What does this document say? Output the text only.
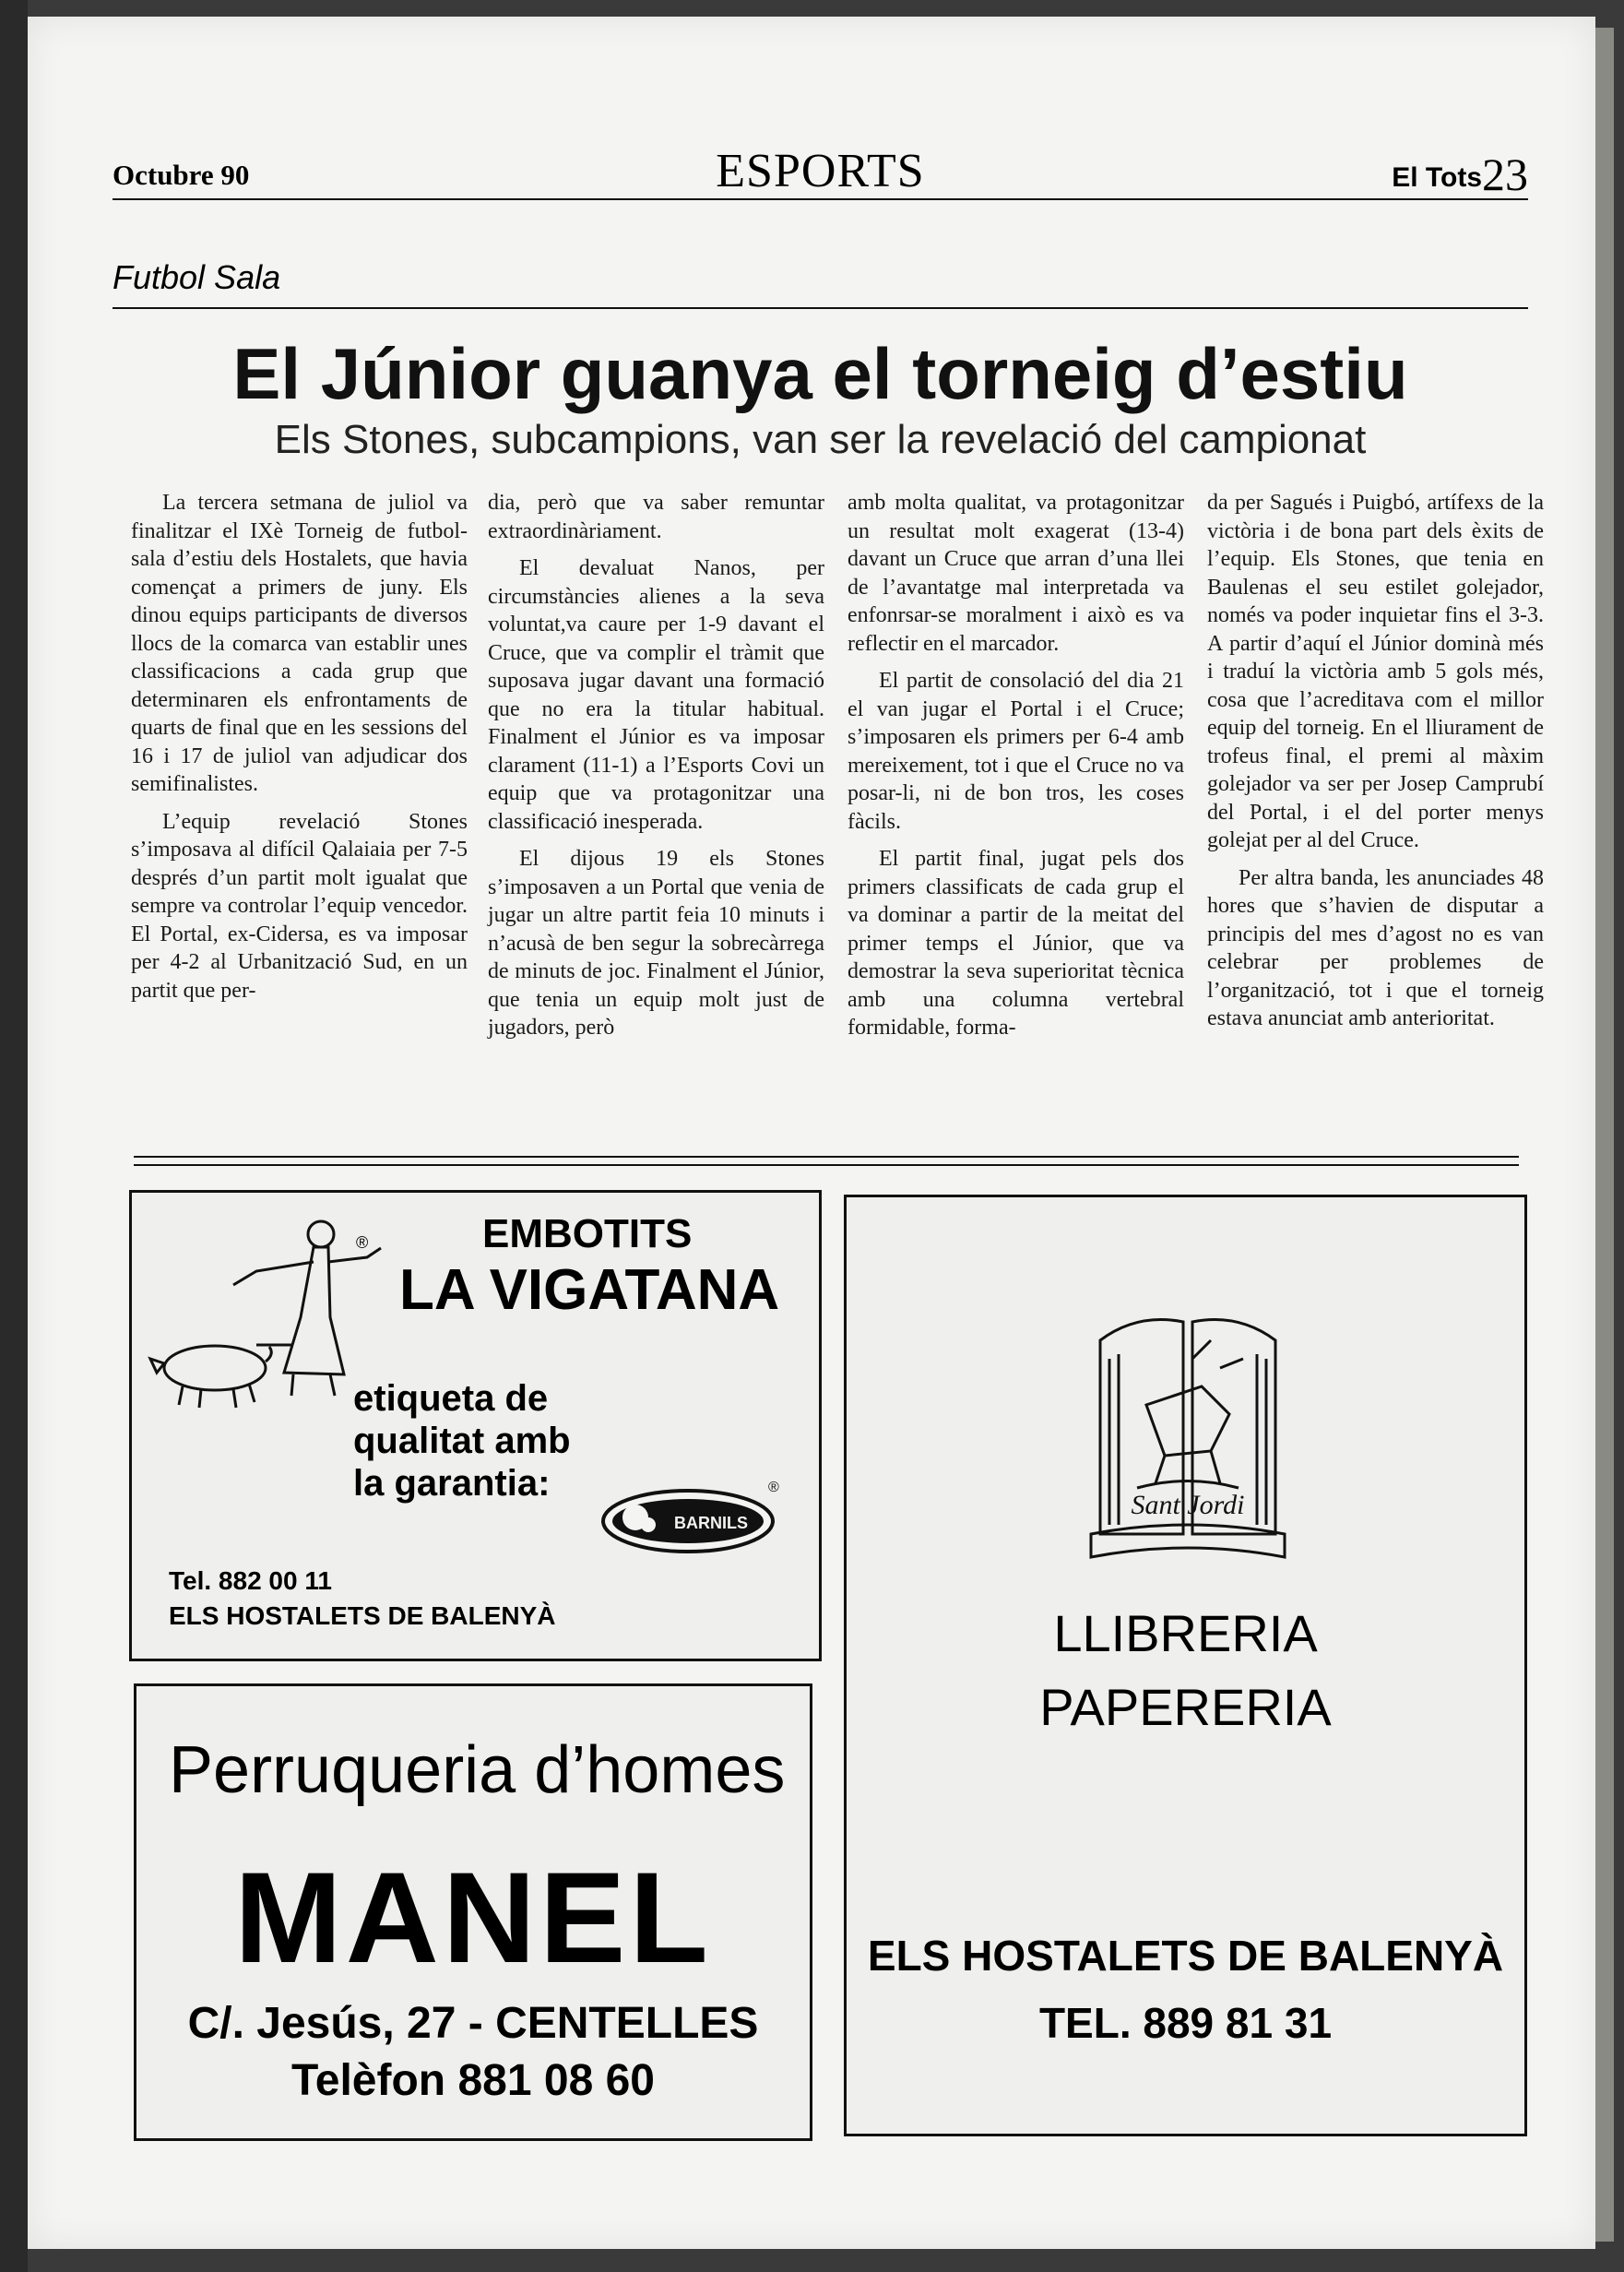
Octubre 90	ESPORTS	El Tots 23
Futbol Sala
El Júnior guanya el torneig d’estiu
Els Stones, subcampions, van ser la revelació del campionat

La tercera setmana de juliol va finalitzar el IXè Torneig de futbol-sala d’estiu dels Hostalets, que havia començat a primers de juny. Els dinou equips participants de diversos llocs de la comarca van establir unes classificacions a cada grup que determinaren els enfrontaments de quarts de final que en les sessions del 16 i 17 de juliol van adjudicar dos semifinalistes.

L’equip revelació Stones s’imposava al difícil Qalaiaia per 7-5 després d’un partit molt igualat que sempre va controlar l’equip vencedor. El Portal, ex-Cidersa, es va imposar per 4-2 al Urbanització Sud, en un partit que per-

dia, però que va saber remuntar extraordinàriament.

El devaluat Nanos, per circumstàncies alienes a la seva voluntat,va caure per 1-9 davant el Cruce, que va complir el tràmit que suposava jugar davant una formació que no era la titular habitual. Finalment el Júnior es va imposar clarament (11-1) a l’Esports Covi un equip que va protagonitzar una classificació inesperada.

El dijous 19 els Stones s’imposaven a un Portal que venia de jugar un altre partit feia 10 minuts i n’acusà de ben segur la sobrecàrrega de minuts de joc. Finalment el Júnior, que tenia un equip molt just de jugadors, però

amb molta qualitat, va protagonitzar un resultat molt exagerat (13-4) davant un Cruce que arran d’una llei de l’avantatge mal interpretada va enfonrsar-se moralment i això es va reflectir en el marcador.

El partit de consolació del dia 21 el van jugar el Portal i el Cruce; s’imposaren els primers per 6-4 amb mereixement, tot i que el Cruce no va posar-li, ni de bon tros, les coses fàcils.

El partit final, jugat pels dos primers classificats de cada grup el va dominar a partir de la meitat del primer temps el Júnior, que va demostrar la seva superioritat tècnica amb una columna vertebral formidable, forma-

da per Sagués i Puigbó, artífexs de la victòria i de bona part dels èxits de l’equip. Els Stones, que tenia en Baulenas el seu estilet golejador, només va poder inquietar fins el 3-3. A partir d’aquí el Júnior dominà més i traduí la victòria amb 5 gols més, cosa que l’acreditava com el millor equip del torneig. En el lliurament de trofeus final, el premi al màxim golejador va ser per Josep Camprubí del Portal, i el del porter menys golejat per al del Cruce.

Per altra banda, les anunciades 48 hores que s’havien de disputar a principis del mes d’agost no es van celebrar per problemes de l’organització, tot i que el torneig estava anunciat amb anterioritat.

®	EMBOTITS
LA VIGATANA
etiqueta de
qualitat amb
la garantia:
BARNILS
®
Tel. 882 00 11
ELS HOSTALETS DE BALENYÀ
Sant Jordi
LLIBRERIA
PAPERERIA
ELS HOSTALETS DE BALENYÀ
TEL. 889 81 31
Perruqueria d’homes
MANEL
C/. Jesús, 27 - CENTELLES
Telèfon 881 08 60
